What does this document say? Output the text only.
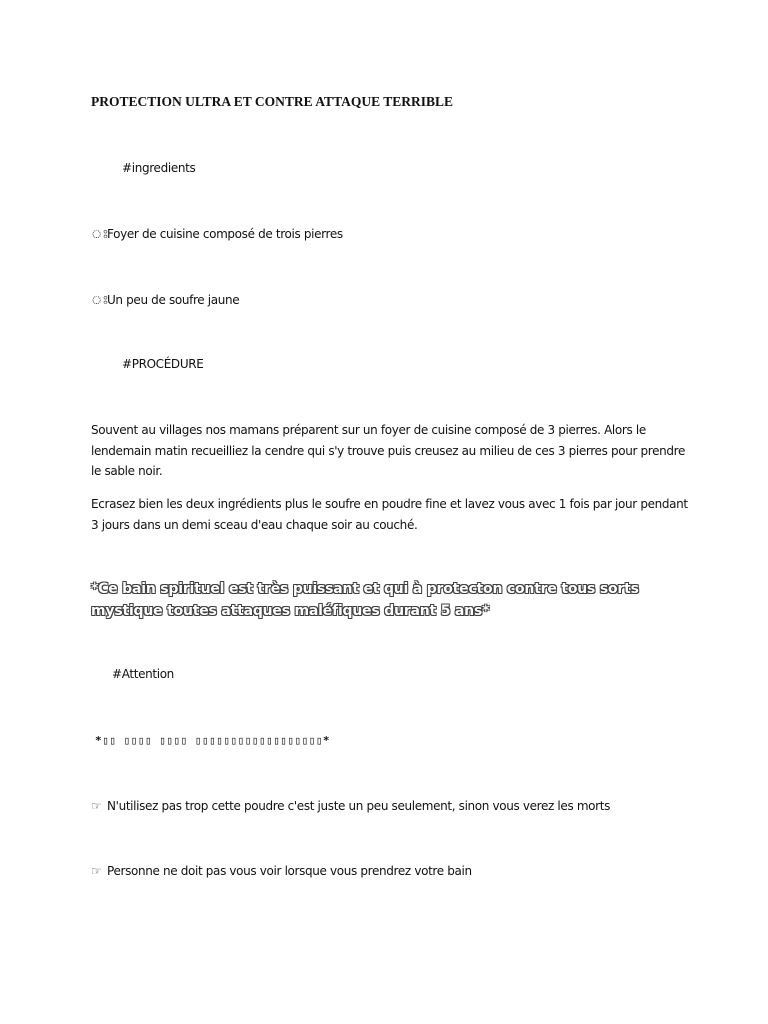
PROTECTION ULTRA ET CONTRE ATTAQUE TERRIBLE

#ingredients

ঃFoyer de cuisine composé de trois pierres

ঃUn peu de soufre jaune

#PROCÉDURE

Souvent au villages nos mamans préparent sur un foyer de cuisine composé de 3 pierres. Alors le lendemain matin recueilliez la cendre qui s'y trouve puis creusez au milieu de ces 3 pierres pour prendre le sable noir.

Ecrasez bien les deux ingrédients plus le soufre en poudre fine et lavez vous avec 1 fois par jour pendant 3 jours dans un demi sceau d'eau chaque soir au couché.

*Ce bain spirituel est très puissant et qui à protecton contre tous sorts mystique toutes attaques maléfiques durant 5 ans*

#Attention

*▯▯ ▯▯▯▯ ▯▯▯▯ ▯▯▯▯▯▯▯▯▯▯▯▯▯▯▯▯▯▯*

☞ N'utilisez pas trop cette poudre c'est juste un peu seulement, sinon vous verez les morts

☞ Personne ne doit pas vous voir lorsque vous prendrez votre bain
